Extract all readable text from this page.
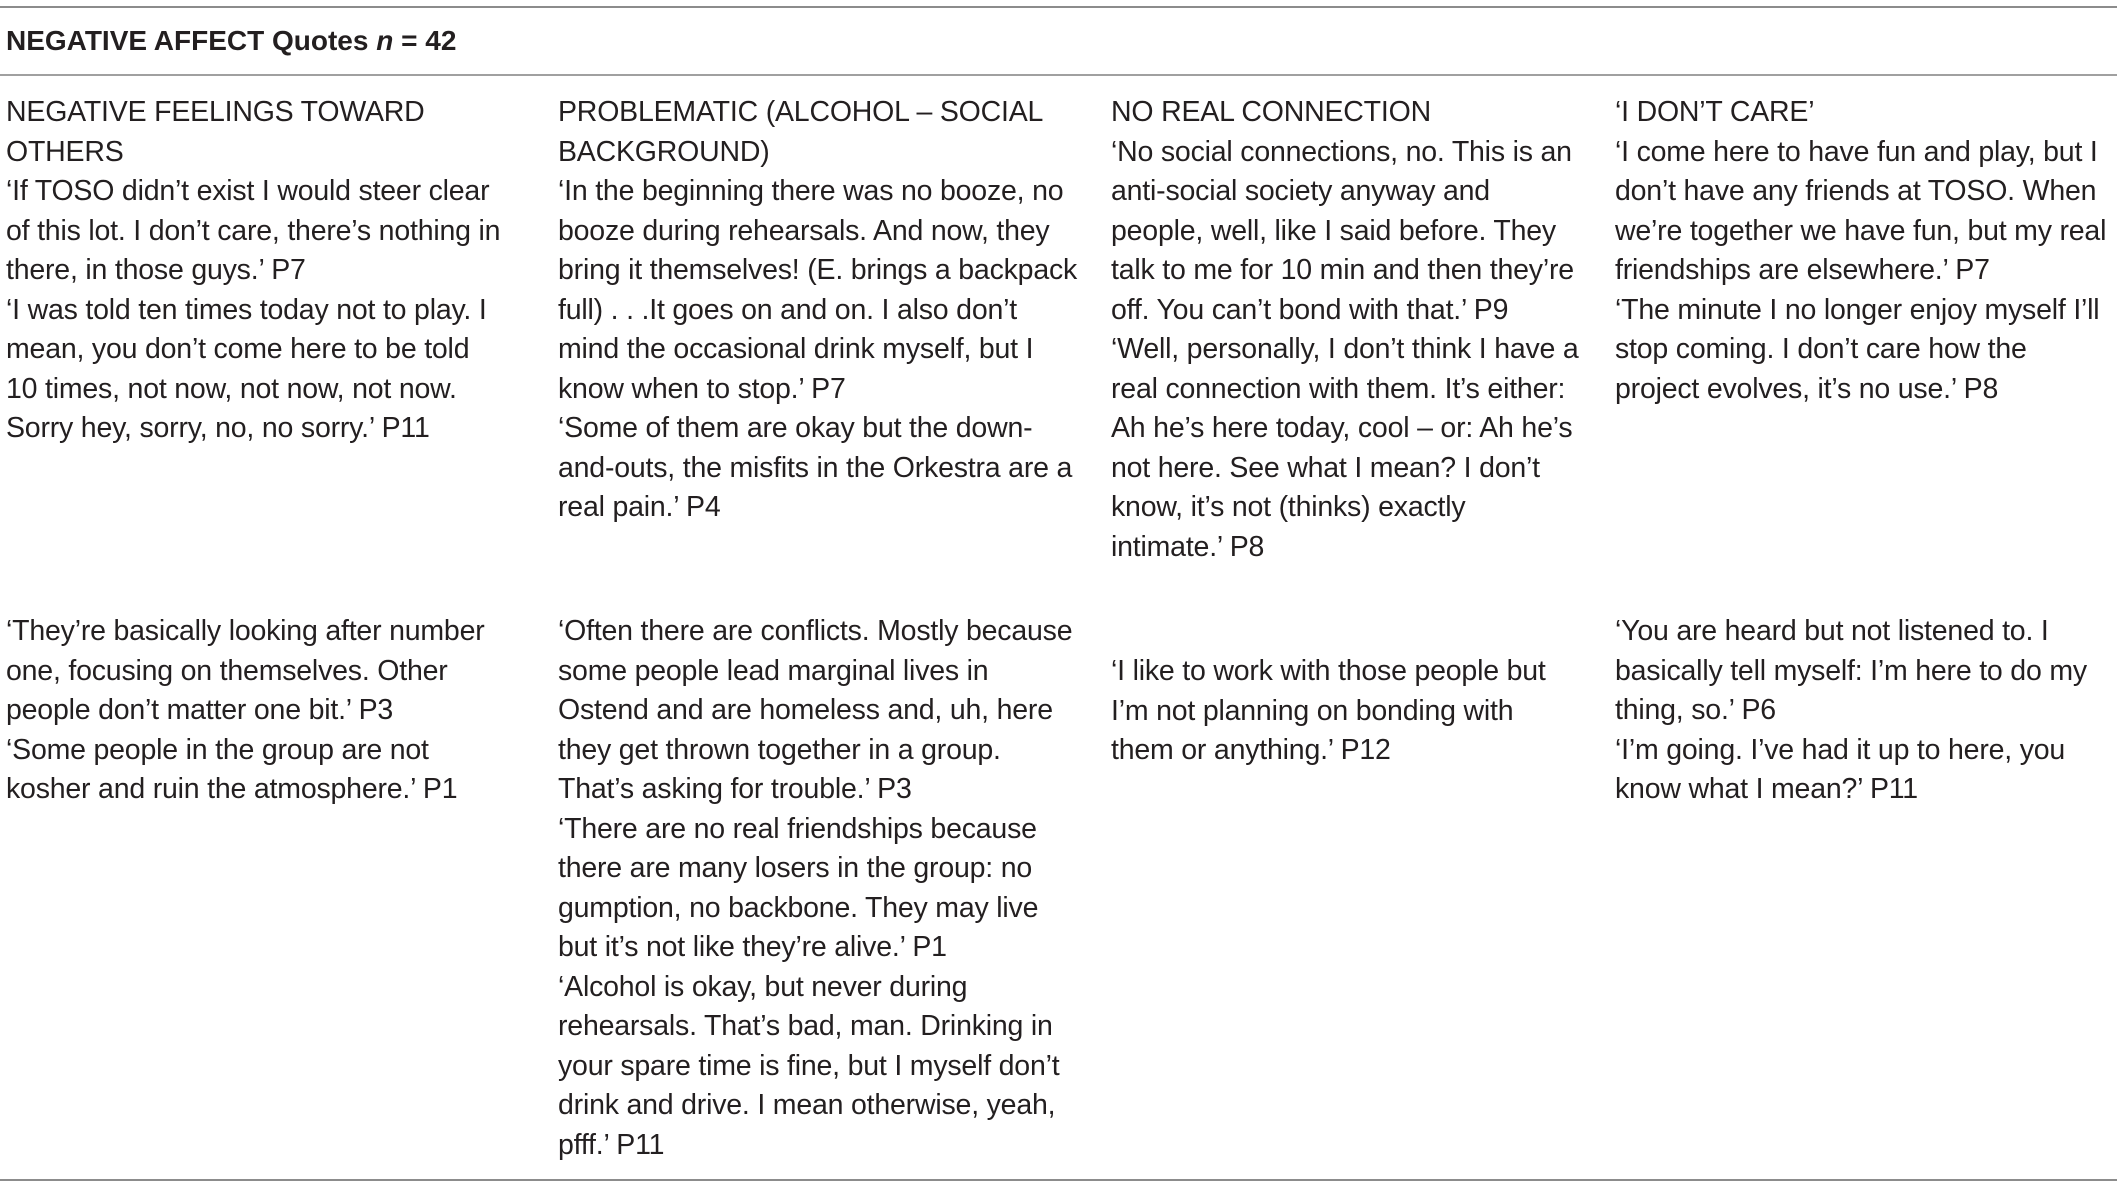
NEGATIVE AFFECT Quotes n = 42

NEGATIVE FEELINGS TOWARD OTHERS

‘If TOSO didn’t exist I would steer clear of this lot. I don’t care, there’s nothing in there, in those guys.’ P7

‘I was told ten times today not to play. I mean, you don’t come here to be told 10 times, not now, not now, not now. Sorry hey, sorry, no, no sorry.’ P11

PROBLEMATIC (ALCOHOL – SOCIAL BACKGROUND)

‘In the beginning there was no booze, no booze during rehearsals. And now, they bring it themselves! (E. brings a backpack full) . . .It goes on and on. I also don’t mind the occasional drink myself, but I know when to stop.’ P7

‘Some of them are okay but the down-and-outs, the misfits in the Orkestra are a real pain.’ P4

NO REAL CONNECTION

‘No social connections, no. This is an anti-social society anyway and people, well, like I said before. They talk to me for 10 min and then they’re off. You can’t bond with that.’ P9

‘Well, personally, I don’t think I have a real connection with them. It’s either: Ah he’s here today, cool – or: Ah he’s not here. See what I mean? I don’t know, it’s not (thinks) exactly intimate.’ P8

‘I DON’T CARE’

‘I come here to have fun and play, but I don’t have any friends at TOSO. When we’re together we have fun, but my real friendships are elsewhere.’ P7

‘The minute I no longer enjoy myself I’ll stop coming. I don’t care how the project evolves, it’s no use.’ P8

‘They’re basically looking after number one, focusing on themselves. Other people don’t matter one bit.’ P3

‘Some people in the group are not kosher and ruin the atmosphere.’ P1

‘Often there are conflicts. Mostly because some people lead marginal lives in Ostend and are homeless and, uh, here they get thrown together in a group. That’s asking for trouble.’ P3

‘There are no real friendships because there are many losers in the group: no gumption, no backbone. They may live but it’s not like they’re alive.’ P1

‘Alcohol is okay, but never during rehearsals. That’s bad, man. Drinking in your spare time is fine, but I myself don’t drink and drive. I mean otherwise, yeah, pfff.’ P11

‘I like to work with those people but I’m not planning on bonding with them or anything.’ P12

‘You are heard but not listened to. I basically tell myself: I’m here to do my thing, so.’ P6

‘I’m going. I’ve had it up to here, you know what I mean?’ P11
